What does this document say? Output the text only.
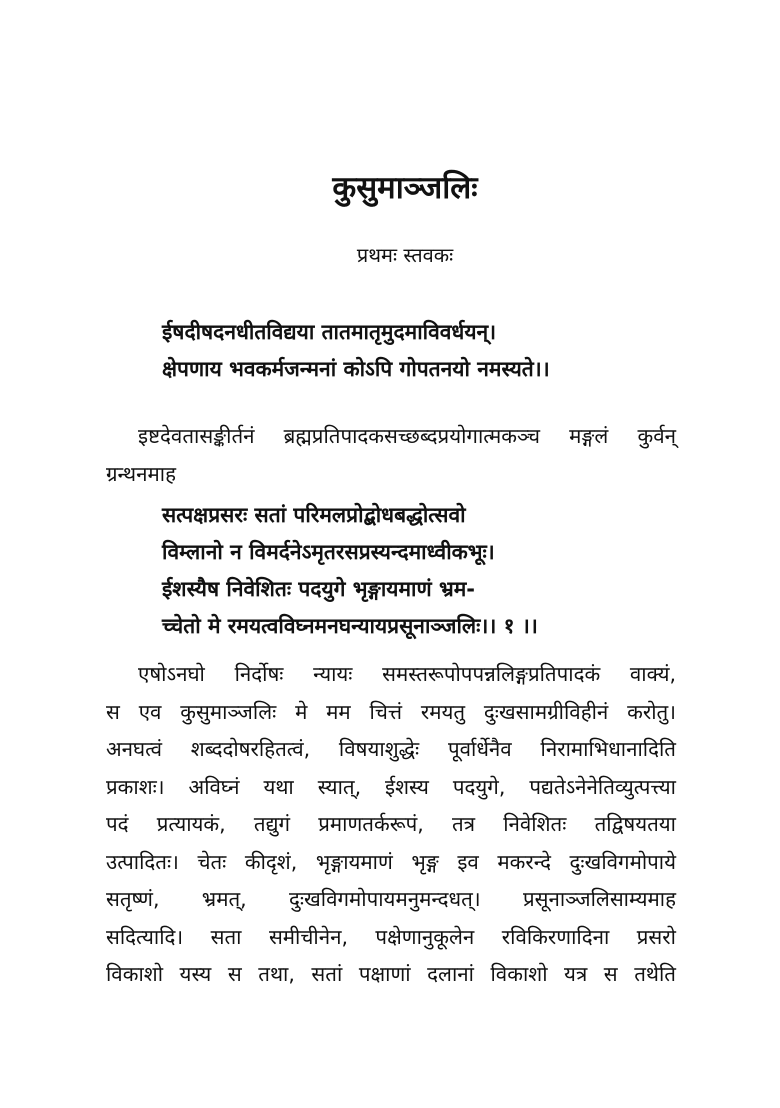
कुसुमाञ्जलिः
प्रथमः स्तवकः
ईषदीषदनधीतविद्यया तातमातृमुदमाविवर्धयन्।
क्षेपणाय भवकर्मजन्मनां कोऽपि गोपतनयो नमस्यते।।
इष्टदेवतासङ्कीर्तनं ब्रह्मप्रतिपादकसच्छब्दप्रयोगात्मकञ्च मङ्गलं कुर्वन्
ग्रन्थनमाह
सत्पक्षप्रसरः सतां परिमलप्रोद्बोधबद्धोत्सवो
विम्लानो न विमर्दनेऽमृतरसप्रस्यन्दमाध्वीकभूः।
ईशस्यैष निवेशितः पदयुगे भृङ्गायमाणं भ्रम-
च्चेतो मे रमयत्वविघ्नमनघन्यायप्रसूनाञ्जलिः।। १ ।।
एषोऽनघो निर्दोषः न्यायः समस्तरूपोपपन्नलिङ्गप्रतिपादकं वाक्यं,
स एव कुसुमाञ्जलिः मे मम चित्तं रमयतु दुःखसामग्रीविहीनं करोतु।
अनघत्वं शब्ददोषरहितत्वं, विषयाशुद्धेः पूर्वार्धेनैव निरामाभिधानादिति
प्रकाशः। अविघ्नं यथा स्यात्, ईशस्य पदयुगे, पद्यतेऽनेनेतिव्युत्पत्त्या
पदं प्रत्यायकं, तद्युगं प्रमाणतर्करूपं, तत्र निवेशितः तद्विषयतया
उत्पादितः। चेतः कीदृशं, भृङ्गायमाणं भृङ्ग इव मकरन्दे दुःखविगमोपाये
सतृष्णं, भ्रमत्, दुःखविगमोपायमनुमन्दधत्। प्रसूनाञ्जलिसाम्यमाह
सदित्यादि। सता समीचीनेन, पक्षेणानुकूलेन रविकिरणादिना प्रसरो
विकाशो यस्य स तथा, सतां पक्षाणां दलानां विकाशो यत्र स तथेति
